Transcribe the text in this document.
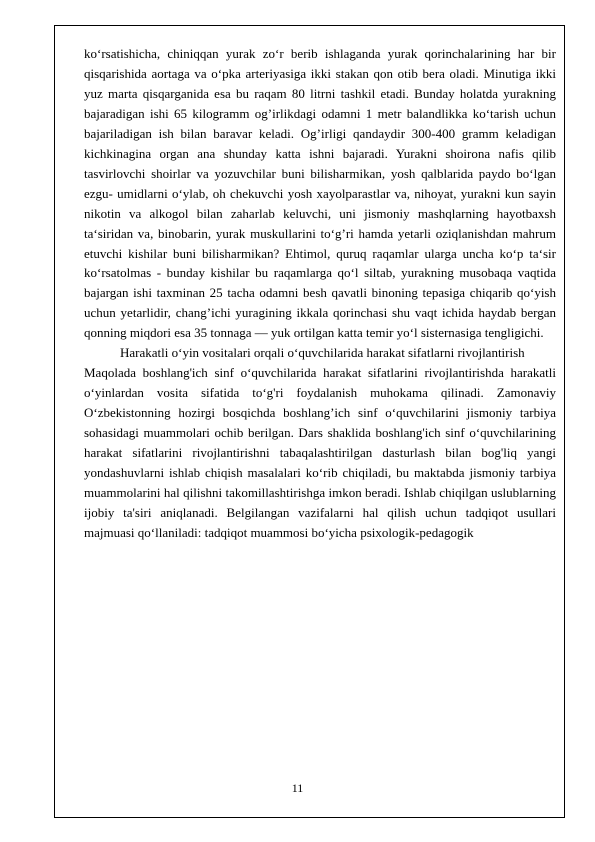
ko‘rsatishicha, chiniqqan yurak zo‘r berib ishlaganda yurak qorinchalarining har bir qisqarishida aortaga va o‘pka arteriyasiga ikki stakan qon otib bera oladi. Minutiga ikki yuz marta qisqarganida esa bu raqam 80 litrni tashkil etadi. Bunday holatda yurakning bajaradigan ishi 65 kilogramm og’irlikdagi odamni 1 metr balandlikka ko‘tarish uchun bajariladigan ish bilan baravar keladi. Og’irligi qandaydir 300-400 gramm keladigan kichkinagina organ ana shunday katta ishni bajaradi. Yurakni shoirona nafis qilib tasvirlovchi shoirlar va yozuvchilar buni bilisharmikan, yosh qalblarida paydo bo‘lgan ezgu- umidlarni o‘ylab, oh chekuvchi yosh xayolparastlar va, nihoyat, yurakni kun sayin nikotin va alkogol bilan zaharlab keluvchi, uni jismoniy mashqlarning hayotbaxsh ta‘siridan va, binobarin, yurak muskullarini to‘g’ri hamda yetarli oziqlanishdan mahrum etuvchi kishilar buni bilisharmikan? Ehtimol, quruq raqamlar ularga uncha ko‘p ta‘sir ko‘rsatolmas - bunday kishilar bu raqamlarga qo‘l siltab, yurakning musobaqa vaqtida bajargan ishi taxminan 25 tacha odamni besh qavatli binoning tepasiga chiqarib qo‘yish uchun yetarlidir, chang’ichi yuragining ikkala qorinchasi shu vaqt ichida haydab bergan qonning miqdori esa 35 tonnaga — yuk ortilgan katta temir yo‘l sisternasiga tengligichi.

Harakatli o‘yin vositalari orqali o‘quvchilarida harakat sifatlarni rivojlantirish

Maqolada boshlang'ich sinf o‘quvchilarida harakat sifatlarini rivojlantirishda harakatli o‘yinlardan vosita sifatida to‘g'ri foydalanish muhokama qilinadi. Zamonaviy O‘zbekistonning hozirgi bosqichda boshlang’ich sinf o‘quvchilarini jismoniy tarbiya sohasidagi muammolari ochib berilgan. Dars shaklida boshlang'ich sinf o‘quvchilarining harakat sifatlarini rivojlantirishni tabaqalashtirilgan dasturlash bilan bog'liq yangi yondashuvlarni ishlab chiqish masalalari ko‘rib chiqiladi, bu maktabda jismoniy tarbiya muammolarini hal qilishni takomillashtirishga imkon beradi. Ishlab chiqilgan uslublarning ijobiy ta'siri aniqlanadi. Belgilangan vazifalarni hal qilish uchun tadqiqot usullari majmuasi qo‘llaniladi: tadqiqot muammosi bo‘yicha psixologik-pedagogik

11
